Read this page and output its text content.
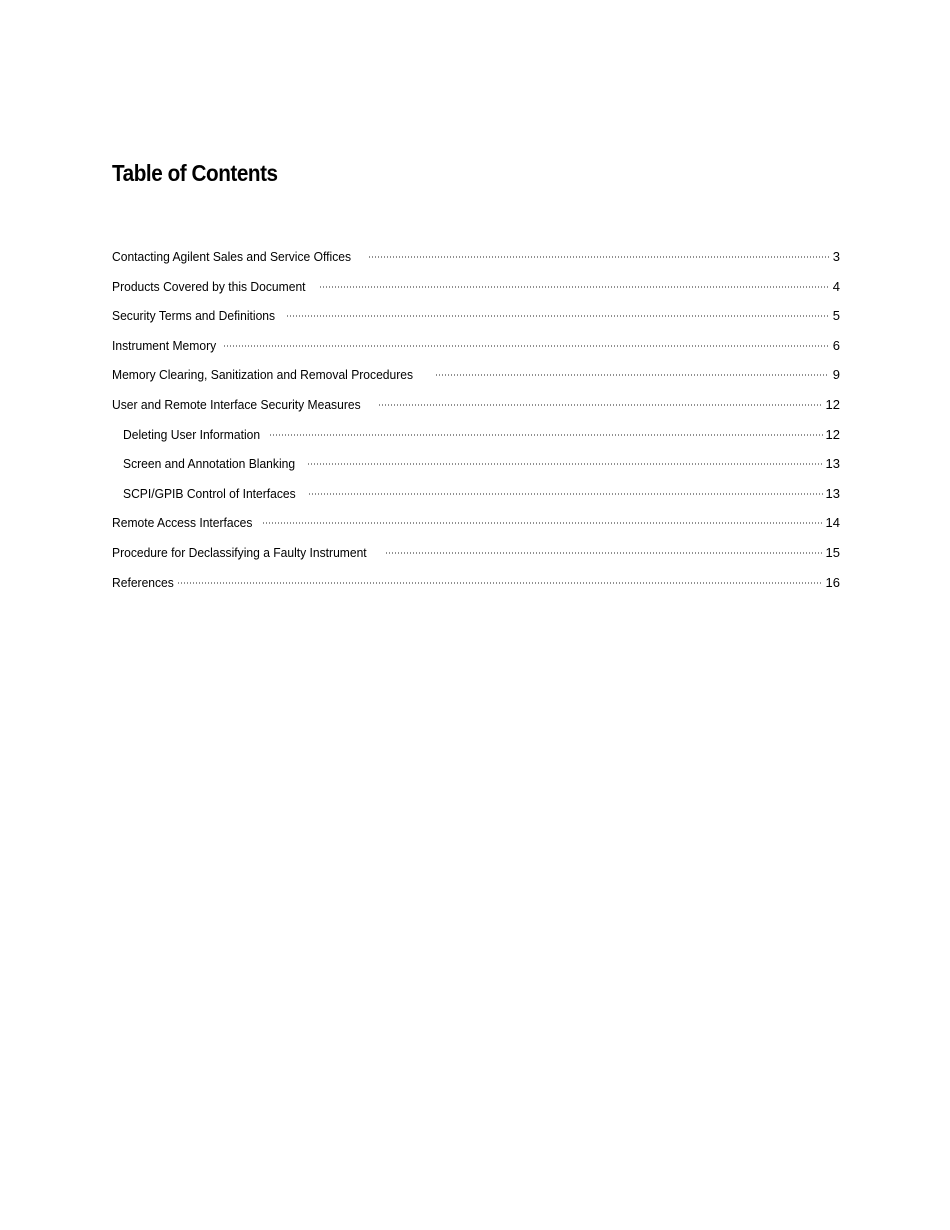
Table of Contents
Contacting Agilent Sales and Service Offices	3
Products Covered by this Document	4
Security Terms and Definitions	5
Instrument Memory	6
Memory Clearing, Sanitization and Removal Procedures	9
User and Remote Interface Security Measures	12
Deleting User Information	12
Screen and Annotation Blanking	13
SCPI/GPIB Control of Interfaces	13
Remote Access Interfaces	14
Procedure for Declassifying a Faulty Instrument	15
References	16
